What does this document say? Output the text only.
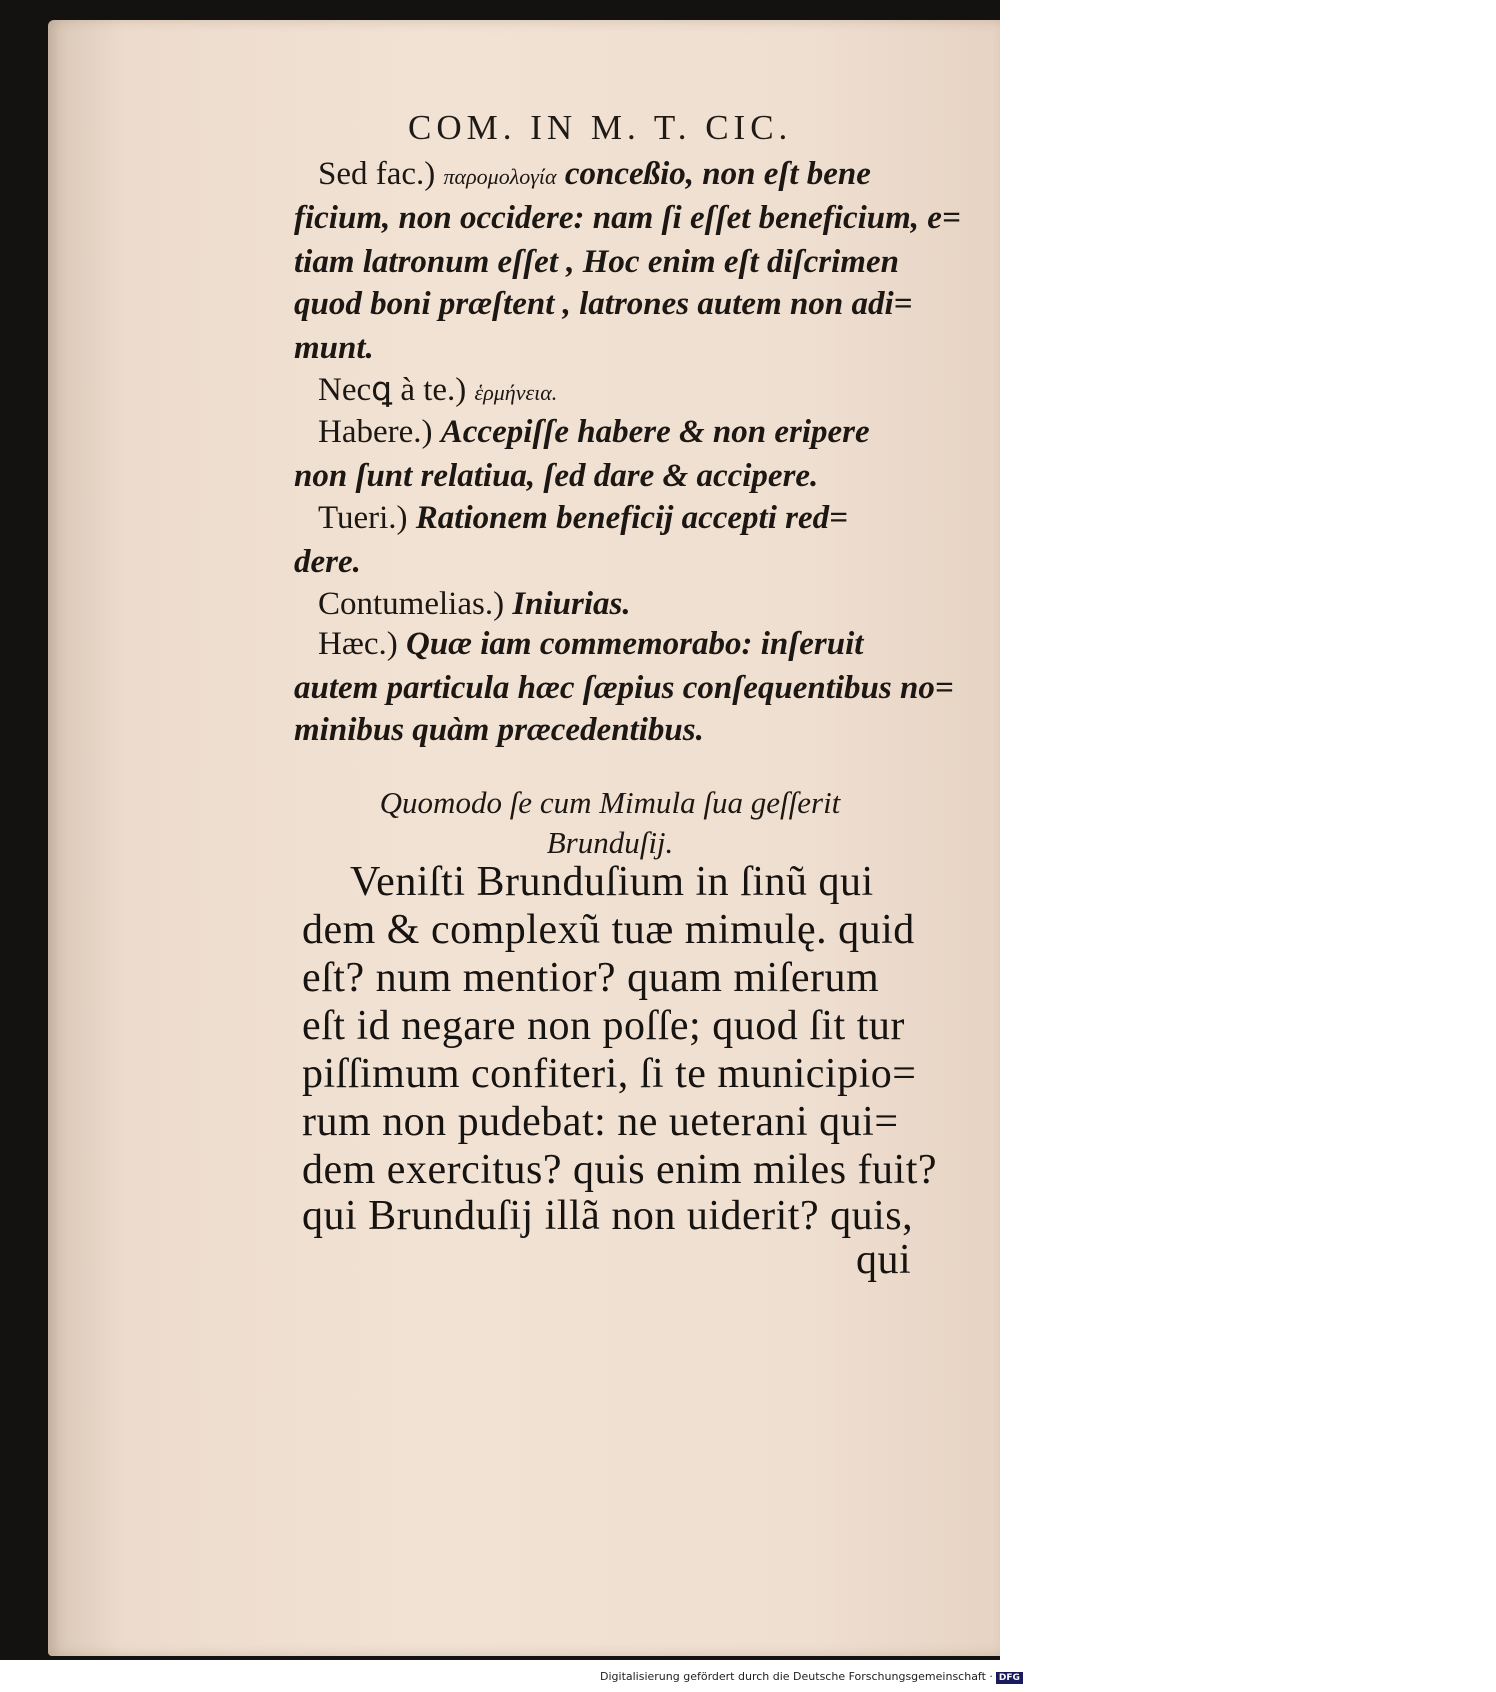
COM. IN M. T. CIC.
Sed fac.) παρομολογία conceßio, non eſt bene
ficium, non occidere: nam ſi eſſet beneficium, e=
tiam latronum eſſet , Hoc enim eſt diſcrimen
quod boni præſtent , latrones autem non adi=
munt.
Necꝗ à te.) ἑρμήνεια.
Habere.) Accepiſſe habere & non eripere
non ſunt relatiua, ſed dare & accipere.
Tueri.) Rationem beneficij accepti red=
dere.
Contumelias.) Iniurias.
Hæc.) Quæ iam commemorabo: inſeruit
autem particula hæc ſæpius conſequentibus no=
minibus quàm præcedentibus.
Quomodo ſe cum Mimula ſua geſſerit
Brunduſij.
Veniſti Brunduſium in ſinũ qui
dem & complexũ tuæ mimulę. quid
eſt? num mentior? quam miſerum
eſt id negare non poſſe; quod ſit tur
piſſimum confiteri, ſi te municipio=
rum non pudebat: ne ueterani qui=
dem exercitus? quis enim miles fuit?
qui Brunduſij illã non uiderit? quis,
qui
Digitalisierung gefördert durch die Deutsche Forschungsgemeinschaft · DFG
